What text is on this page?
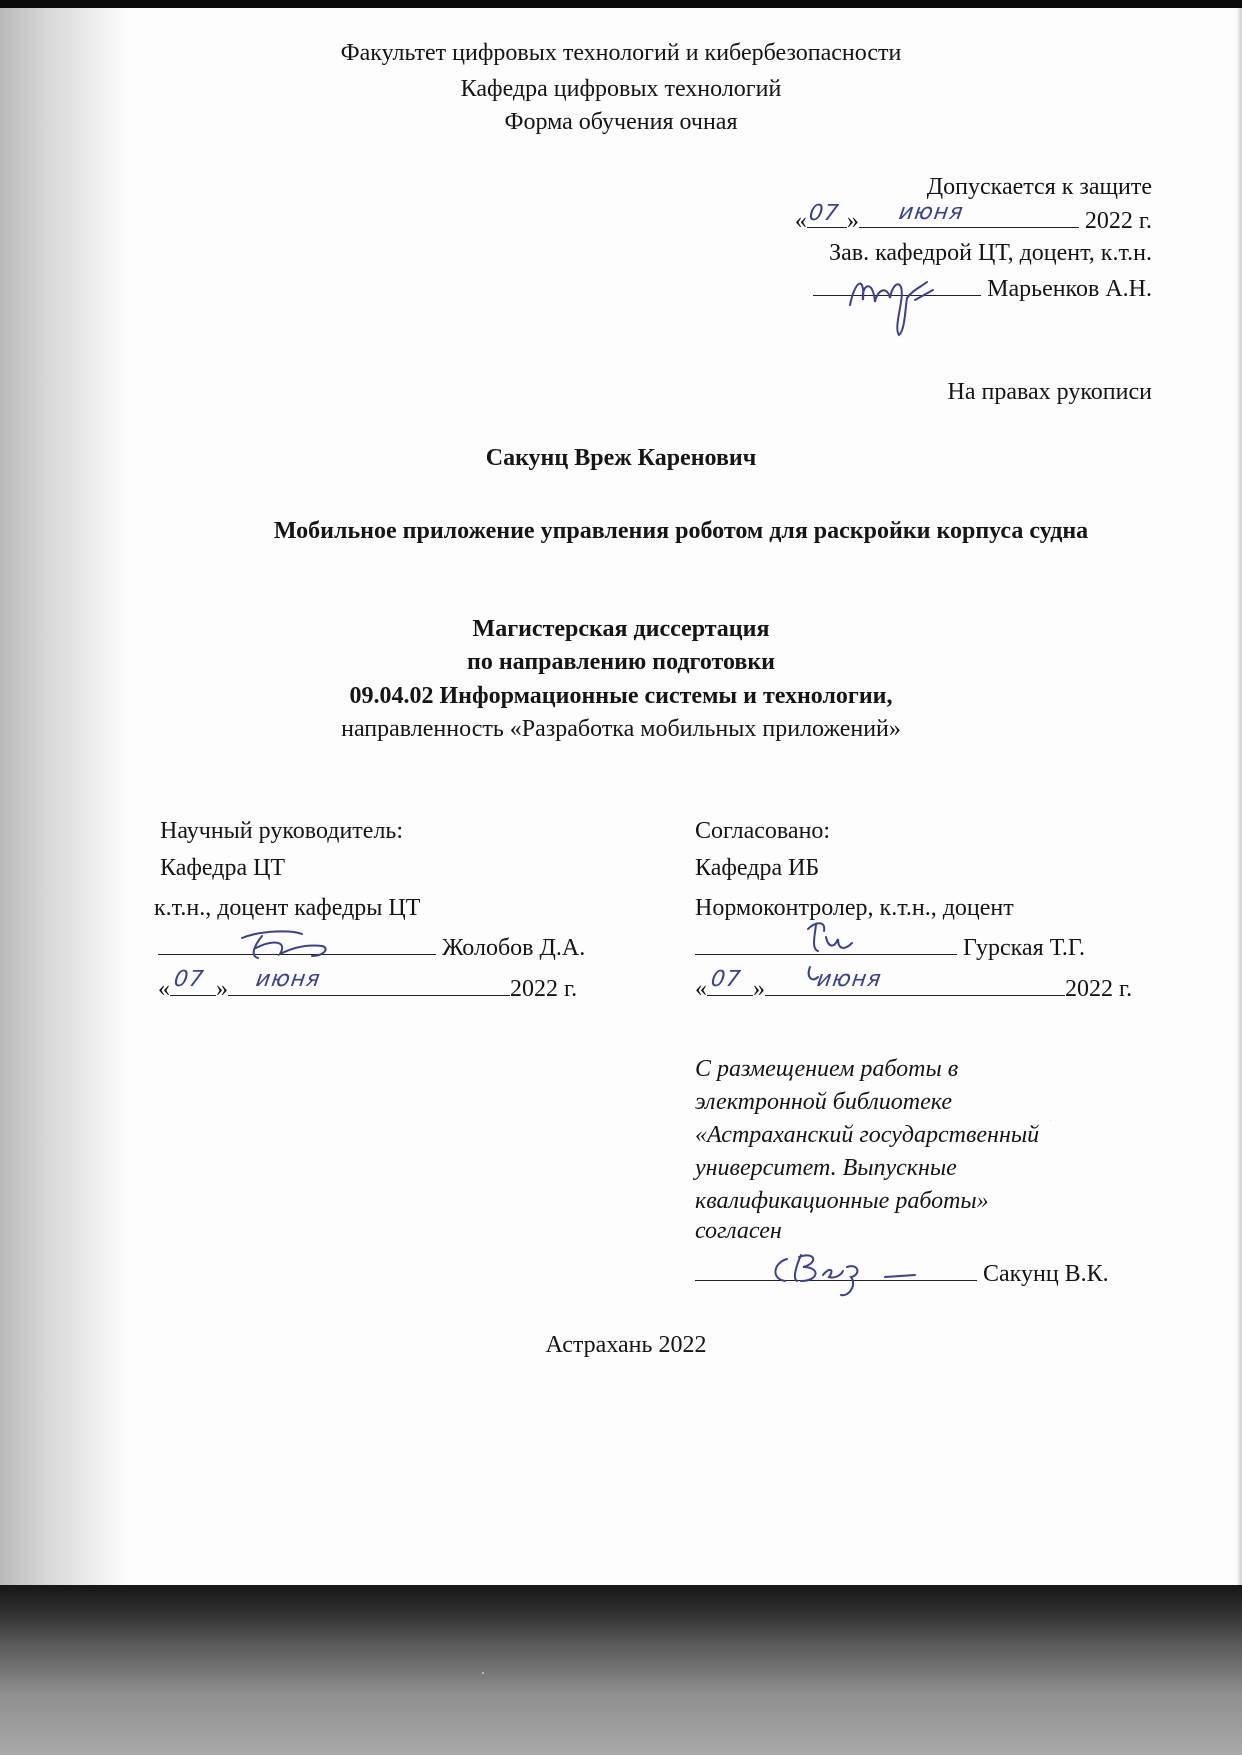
Факультет цифровых технологий и кибербезопасности
Кафедра цифровых технологий
Форма обучения очная
Допускается к защите
« 07 » июня	2022 г.
Зав. кафедрой ЦТ, доцент, к.т.н.
Марьенков А.Н.
На правах рукописи
Сакунц Вреж Каренович
Мобильное приложение управления роботом для раскройки корпуса судна
Магистерская диссертация
по направлению подготовки
09.04.02 Информационные системы и технологии,
направленность «Разработка мобильных приложений»
Научный руководитель:
Кафедра ЦТ
к.т.н., доцент кафедры ЦТ
Жолобов Д.А.
« 07 » июня	2022 г.
Согласовано:
Кафедра ИБ
Нормоконтролер, к.т.н., доцент
Гурская Т.Г.
« 07 » июня	2022 г.
С размещением работы в
электронной библиотеке
«Астраханский государственный
университет. Выпускные
квалификационные работы»
согласен
Сакунц В.К.
Астрахань 2022
